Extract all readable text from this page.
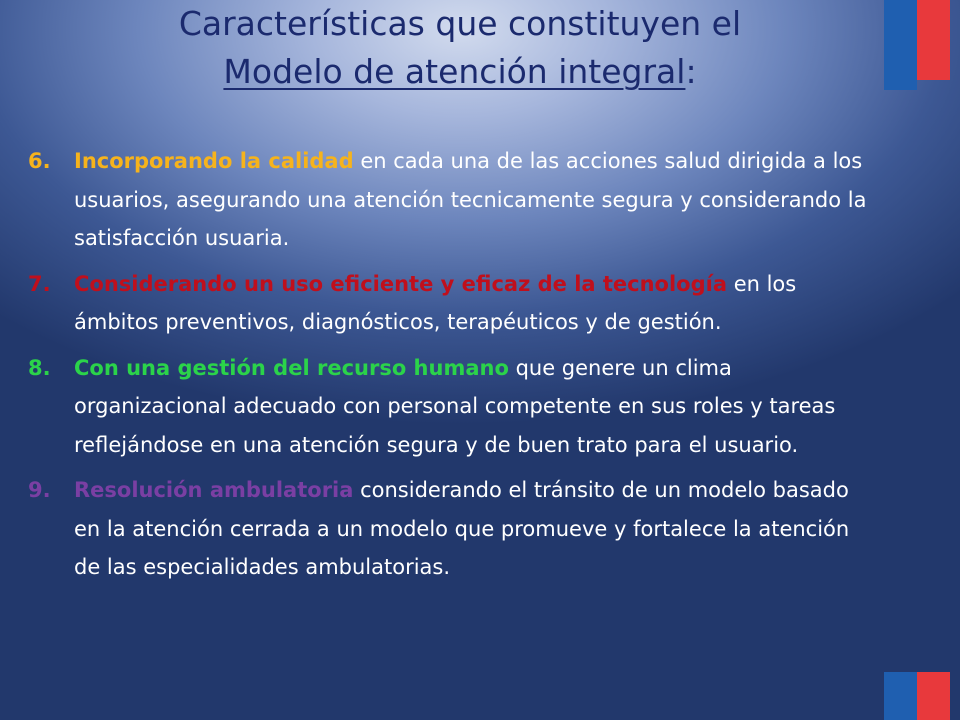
Características que constituyen el
Modelo de atención integral:
6. Incorporando la calidad en cada una de las acciones salud dirigida a los usuarios, asegurando una atención tecnicamente segura y considerando la satisfacción usuaria.
7. Considerando un uso eficiente y eficaz de la tecnología en los ámbitos preventivos, diagnósticos, terapéuticos y de gestión.
8. Con una gestión del recurso humano que genere un clima organizacional adecuado con personal competente en sus roles y tareas reflejándose en una atención segura y de buen trato para el usuario.
9. Resolución ambulatoria considerando el tránsito de un modelo basado en la atención cerrada a un modelo que promueve y fortalece la atención de las especialidades ambulatorias.
